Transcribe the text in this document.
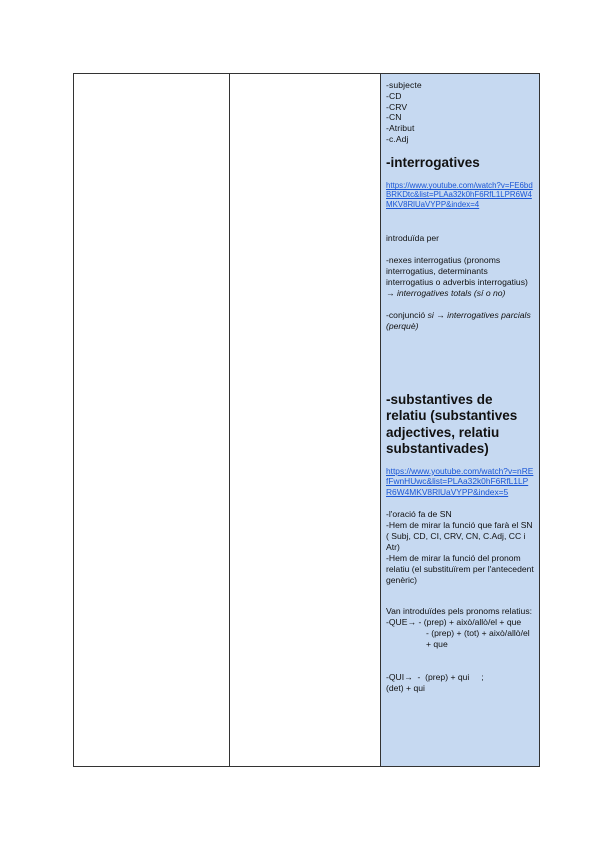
-subjecte
-CD
-CRV
-CN
-Atribut
-c.Adj
-interrogatives
https://www.youtube.com/watch?v=FE6bdBRKDtc&list=PLAa32k0hF6RfL1LPR6W4MKV8RlUaVYPP&index=4
introduïda per
-nexes interrogatius (pronoms interrogatius, determinants interrogatius o adverbis interrogatius) → interrogatives totals (sí o no)
-conjunció si → interrogatives parcials (perquè)
-substantives de relatiu (substantives adjectives, relatiu substantivades)
https://www.youtube.com/watch?v=nREfFwnHUwc&list=PLAa32k0hF6RfL1LPR6W4MKV8RlUaVYPP&index=5
-l'oració fa de SN
-Hem de mirar la funció que farà el SN ( Subj, CD, CI, CRV, CN, C.Adj, CC i Atr)
-Hem de mirar la funció del pronom relatiu (el substituïrem per l'antecedent genèric)
Van introduïdes pels pronoms relatius:
-QUE→ - (prep) + això/allò/el + que
- (prep) + (tot) + això/allò/el + que
-QUI→  -  (prep) + qui     ;
(det) + qui
